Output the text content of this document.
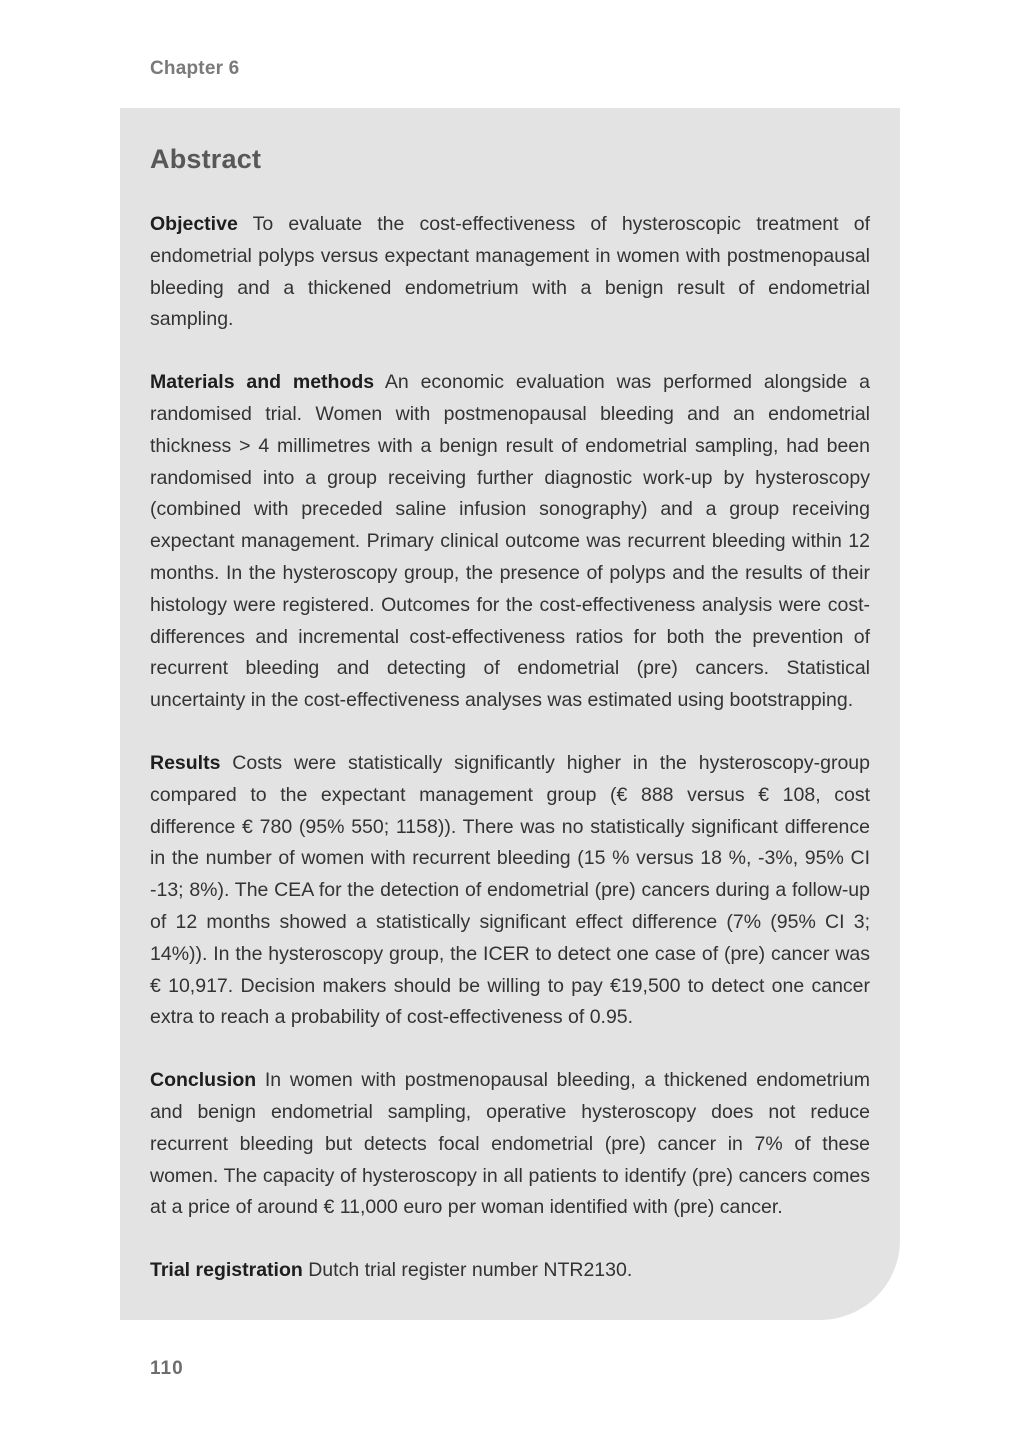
Chapter 6
Abstract

Objective To evaluate the cost-effectiveness of hysteroscopic treatment of endometrial polyps versus expectant management in women with postmenopausal bleeding and a thickened endometrium with a benign result of endometrial sampling.

Materials and methods An economic evaluation was performed alongside a randomised trial. Women with postmenopausal bleeding and an endometrial thickness > 4 millimetres with a benign result of endometrial sampling, had been randomised into a group receiving further diagnostic work-up by hysteroscopy (combined with preceded saline infusion sonography) and a group receiving expectant management. Primary clinical outcome was recurrent bleeding within 12 months. In the hysteroscopy group, the presence of polyps and the results of their histology were registered. Outcomes for the cost-effectiveness analysis were cost-differences and incremental cost-effectiveness ratios for both the prevention of recurrent bleeding and detecting of endometrial (pre) cancers. Statistical uncertainty in the cost-effectiveness analyses was estimated using bootstrapping.

Results Costs were statistically significantly higher in the hysteroscopy-group compared to the expectant management group (€ 888 versus € 108, cost difference € 780 (95% 550; 1158)). There was no statistically significant difference in the number of women with recurrent bleeding (15 % versus 18 %, -3%, 95% CI -13; 8%). The CEA for the detection of endometrial (pre) cancers during a follow-up of 12 months showed a statistically significant effect difference (7% (95% CI 3; 14%)). In the hysteroscopy group, the ICER to detect one case of (pre) cancer was € 10,917. Decision makers should be willing to pay €19,500 to detect one cancer extra to reach a probability of cost-effectiveness of 0.95.

Conclusion In women with postmenopausal bleeding, a thickened endometrium and benign endometrial sampling, operative hysteroscopy does not reduce recurrent bleeding but detects focal endometrial (pre) cancer in 7% of these women. The capacity of hysteroscopy in all patients to identify (pre) cancers comes at a price of around € 11,000 euro per woman identified with (pre) cancer.

Trial registration Dutch trial register number NTR2130.

110
